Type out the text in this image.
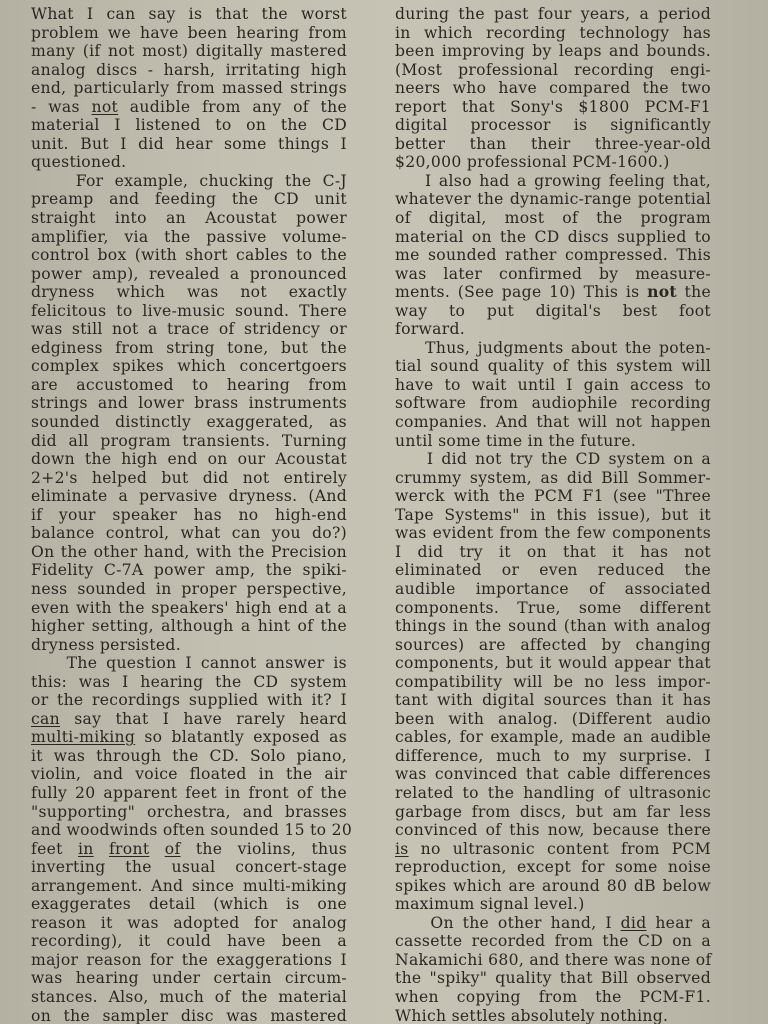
What I can say is that the worst
problem we have been hearing from
many (if not most) digitally mastered
analog discs - harsh, irritating high
end, particularly from massed strings
- was not audible from any of the
material I listened to on the CD
unit. But I did hear some things I
questioned.
For example, chucking the C-J
preamp and feeding the CD unit
straight into an Acoustat power
amplifier, via the passive volume-
control box (with short cables to the
power amp), revealed a pronounced
dryness which was not exactly
felicitous to live-music sound. There
was still not a trace of stridency or
edginess from string tone, but the
complex spikes which concertgoers
are accustomed to hearing from
strings and lower brass instruments
sounded distinctly exaggerated, as
did all program transients. Turning
down the high end on our Acoustat
2+2's helped but did not entirely
eliminate a pervasive dryness. (And
if your speaker has no high-end
balance control, what can you do?)
On the other hand, with the Precision
Fidelity C-7A power amp, the spiki-
ness sounded in proper perspective,
even with the speakers' high end at a
higher setting, although a hint of the
dryness persisted.
The question I cannot answer is
this: was I hearing the CD system
or the recordings supplied with it? I
can say that I have rarely heard
multi-miking so blatantly exposed as
it was through the CD. Solo piano,
violin, and voice floated in the air
fully 20 apparent feet in front of the
"supporting" orchestra, and brasses
and woodwinds often sounded 15 to 20
feet in front of the violins, thus
inverting the usual concert-stage
arrangement. And since multi-miking
exaggerates detail (which is one
reason it was adopted for analog
recording), it could have been a
major reason for the exaggerations I
was hearing under certain circum-
stances. Also, much of the material
on the sampler disc was mastered
during the past four years, a period
in which recording technology has
been improving by leaps and bounds.
(Most professional recording engi-
neers who have compared the two
report that Sony's $1800 PCM-F1
digital processor is significantly
better than their three-year-old
$20,000 professional PCM-1600.)
I also had a growing feeling that,
whatever the dynamic-range potential
of digital, most of the program
material on the CD discs supplied to
me sounded rather compressed. This
was later confirmed by measure-
ments. (See page 10) This is not the
way to put digital's best foot
forward.
Thus, judgments about the poten-
tial sound quality of this system will
have to wait until I gain access to
software from audiophile recording
companies. And that will not happen
until some time in the future.
I did not try the CD system on a
crummy system, as did Bill Sommer-
werck with the PCM F1 (see "Three
Tape Systems" in this issue), but it
was evident from the few components
I did try it on that it has not
eliminated or even reduced the
audible importance of associated
components. True, some different
things in the sound (than with analog
sources) are affected by changing
components, but it would appear that
compatibility will be no less impor-
tant with digital sources than it has
been with analog. (Different audio
cables, for example, made an audible
difference, much to my surprise. I
was convinced that cable differences
related to the handling of ultrasonic
garbage from discs, but am far less
convinced of this now, because there
is no ultrasonic content from PCM
reproduction, except for some noise
spikes which are around 80 dB below
maximum signal level.)
On the other hand, I did hear a
cassette recorded from the CD on a
Nakamichi 680, and there was none of
the "spiky" quality that Bill observed
when copying from the PCM-F1.
Which settles absolutely nothing.
